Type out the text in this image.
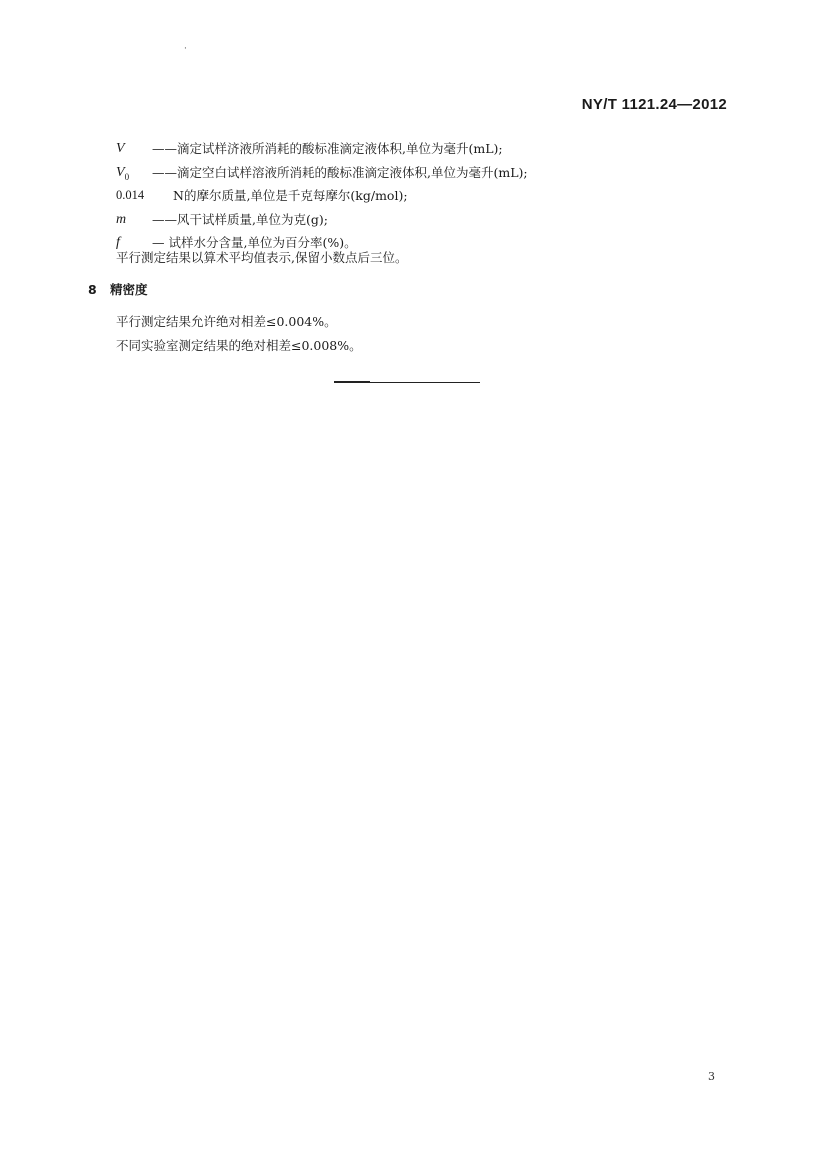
·
NY/T 1121.24—2012
V	——滴定试样济液所消耗的酸标准滴定液体积,单位为毫升(mL);
$V_0$	——滴定空白试样溶液所消耗的酸标准滴定液体积,单位为毫升(mL);
0.014	N的摩尔质量,单位是千克每摩尔(kg/mol);
m	——风干试样质量,单位为克(g);
f	— 试样水分含量,单位为百分率(%)。
平行测定结果以算术平均值表示,保留小数点后三位。
8 精密度
平行测定结果允许绝对相差≤0.004%。
不同实验室测定结果的绝对相差≤0.008%。
3
